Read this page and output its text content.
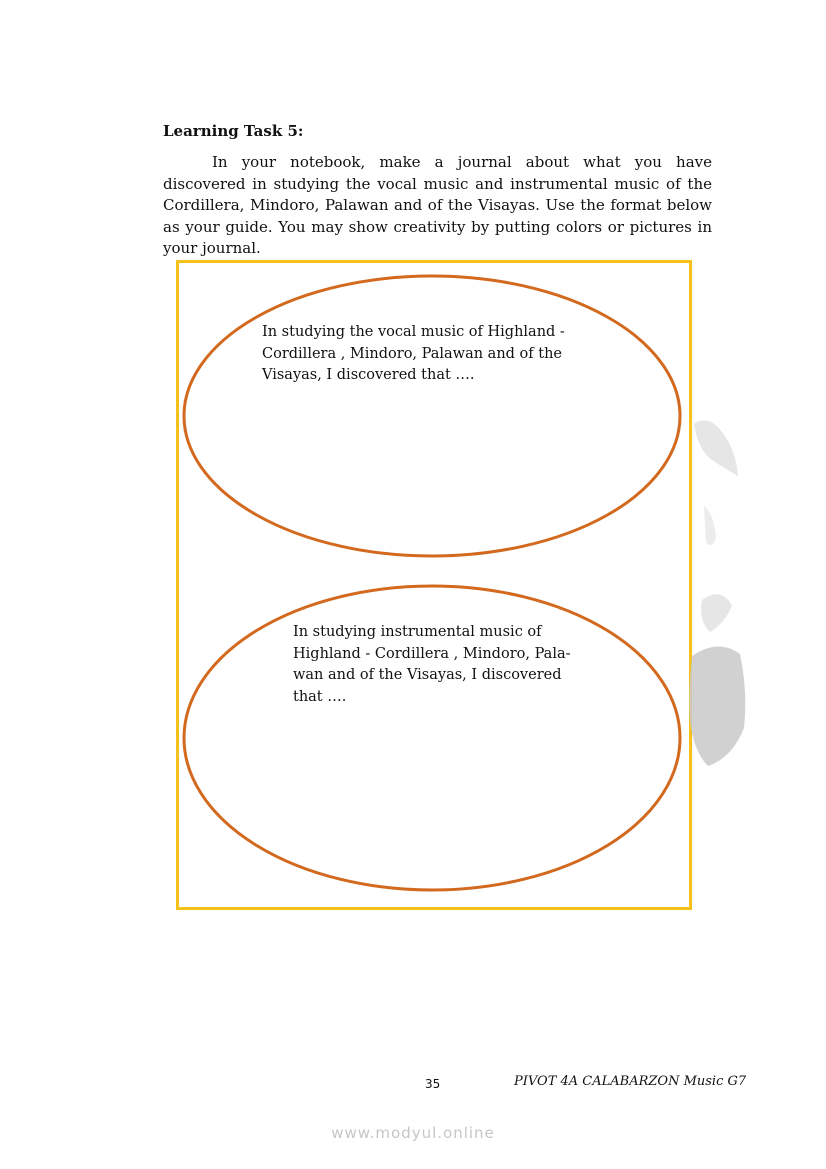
Learning Task 5:

In your notebook, make a journal about what you have discovered in studying the vocal music and instrumental music of the Cordillera, Mindoro, Palawan and of the Visayas. Use the format below as your guide. You may show creativity by putting colors or pictures in your journal.

In studying the vocal music of Highland - Cordillera , Mindoro, Palawan and of the Visayas, I discovered that ….

In studying instrumental music of Highland - Cordillera , Mindoro, Pala-wan and of the Visayas, I discovered that ….

35	PIVOT 4A CALABARZON Music G7
www.modyul.online
